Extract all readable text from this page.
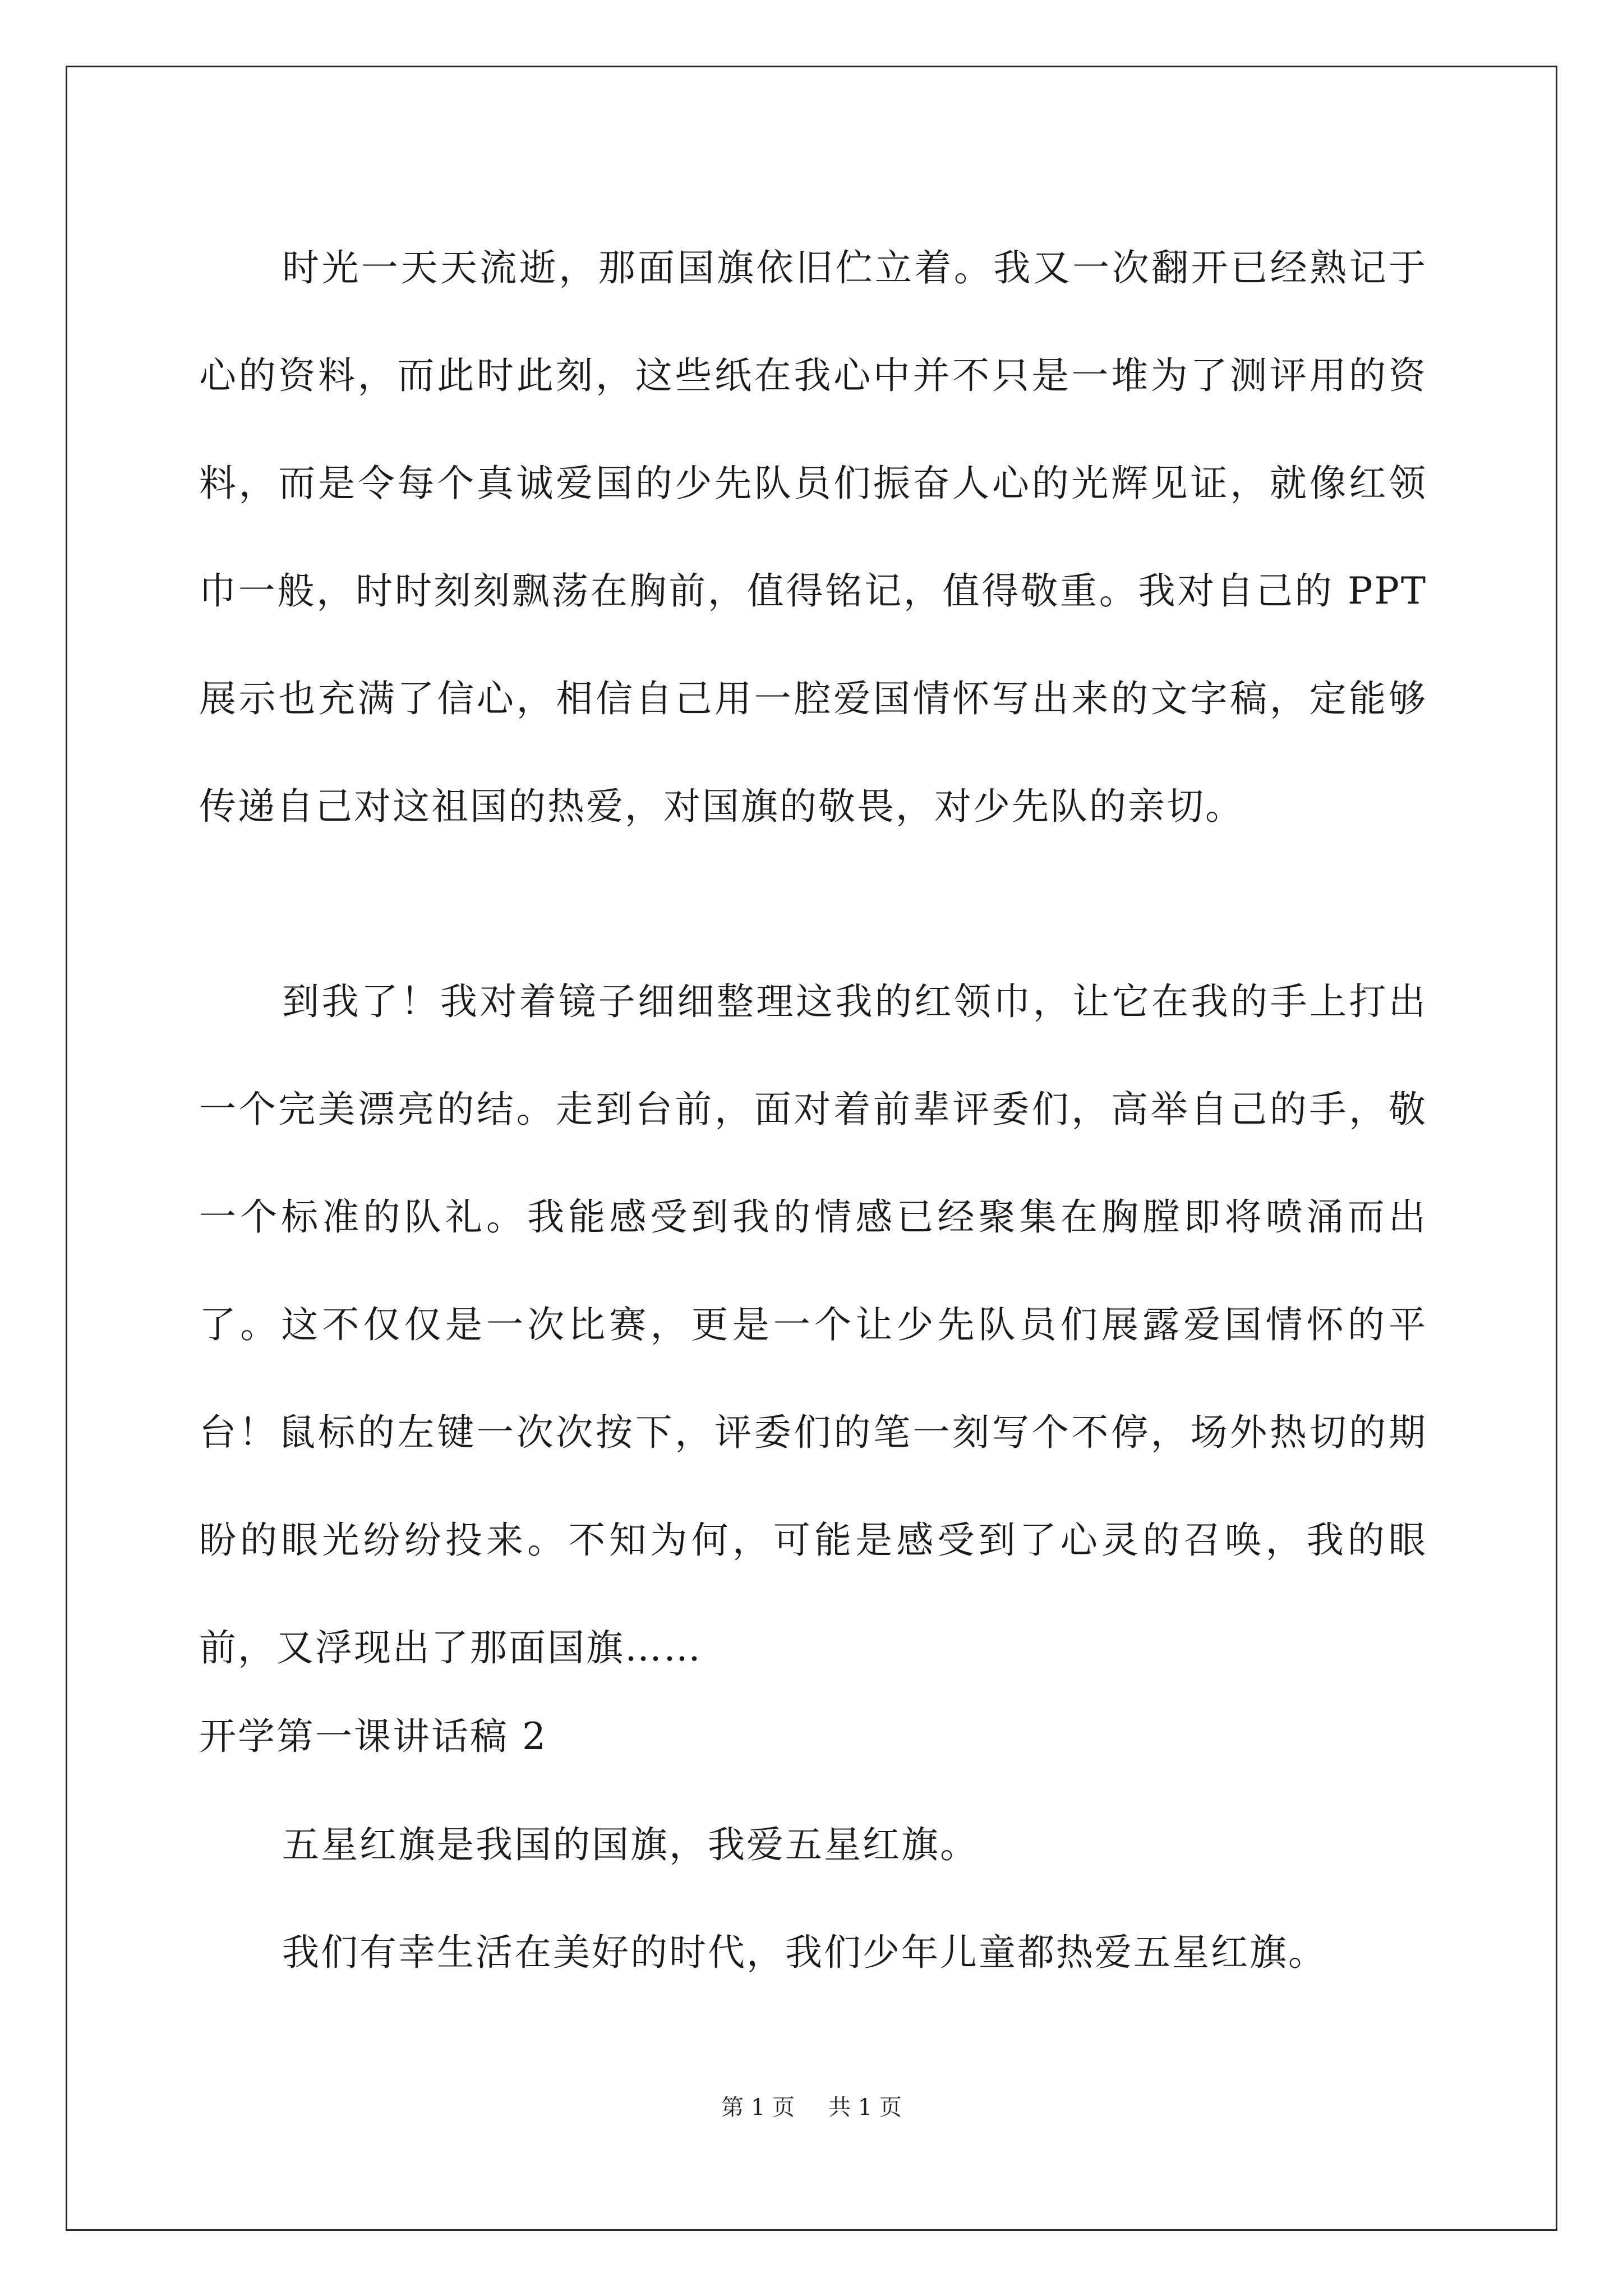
时光一天天流逝，那面国旗依旧伫立着。我又一次翻开已经熟记于心的资料，而此时此刻，这些纸在我心中并不只是一堆为了测评用的资料，而是令每个真诚爱国的少先队员们振奋人心的光辉见证，就像红领巾一般，时时刻刻飘荡在胸前，值得铭记，值得敬重。我对自己的 PPT 展示也充满了信心，相信自己用一腔爱国情怀写出来的文字稿，定能够传递自己对这祖国的热爱，对国旗的敬畏，对少先队的亲切。

到我了！我对着镜子细细整理这我的红领巾，让它在我的手上打出一个完美漂亮的结。走到台前，面对着前辈评委们，高举自己的手，敬一个标准的队礼。我能感受到我的情感已经聚集在胸膛即将喷涌而出了。这不仅仅是一次比赛，更是一个让少先队员们展露爱国情怀的平台！鼠标的左键一次次按下，评委们的笔一刻写个不停，场外热切的期盼的眼光纷纷投来。不知为何，可能是感受到了心灵的召唤，我的眼前，又浮现出了那面国旗……

开学第一课讲话稿 2

五星红旗是我国的国旗，我爱五星红旗。

我们有幸生活在美好的时代，我们少年儿童都热爱五星红旗。

第 1 页 共 1 页
